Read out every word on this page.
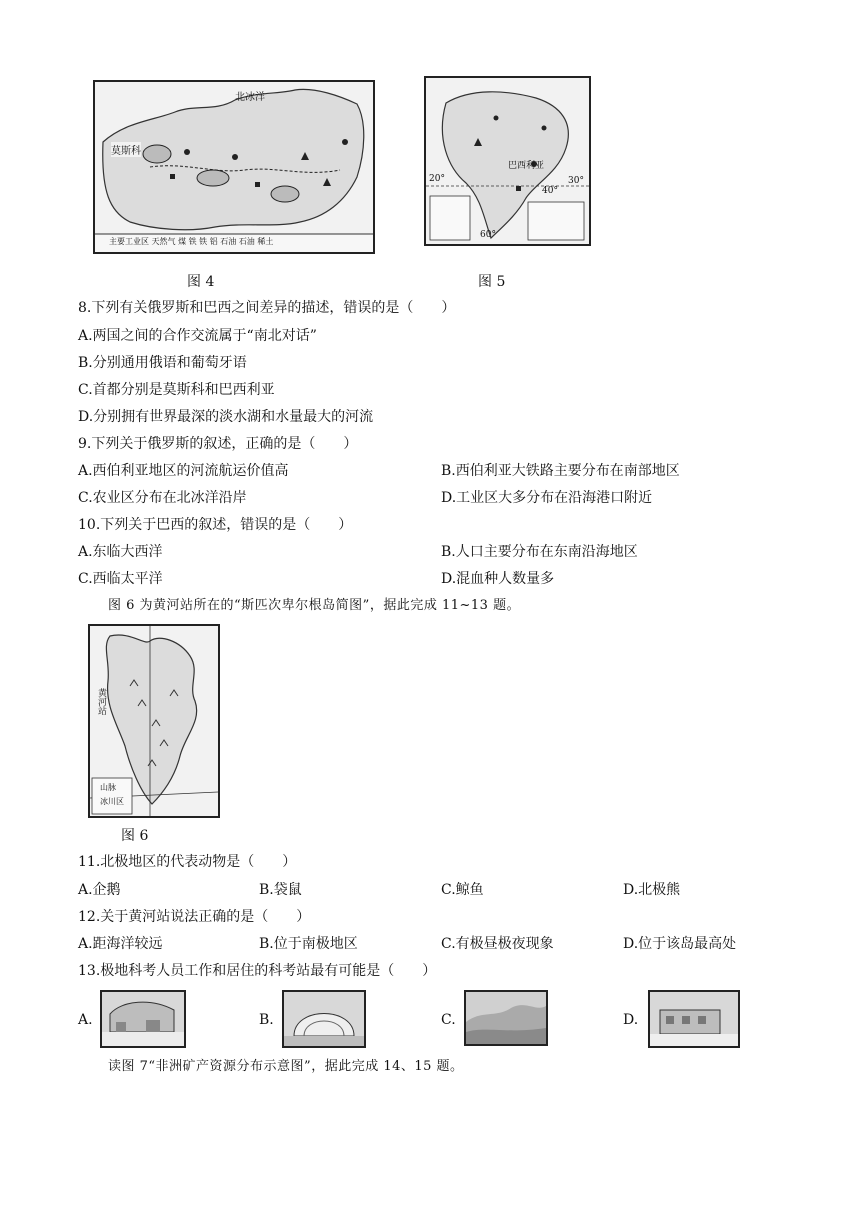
北冰洋
莫斯科
主要工业区 天然气 煤 铁 铁 铝 石油 石油 稀土
巴西利亚
20°	30°
40°
60°
图 4	图 5
8.下列有关俄罗斯和巴西之间差异的描述，错误的是（　　）
A.两国之间的合作交流属于“南北对话”
B.分别通用俄语和葡萄牙语
C.首都分别是莫斯科和巴西利亚
D.分别拥有世界最深的淡水湖和水量最大的河流
9.下列关于俄罗斯的叙述，正确的是（　　）
A.西伯利亚地区的河流航运价值高	B.西伯利亚大铁路主要分布在南部地区
C.农业区分布在北冰洋沿岸	D.工业区大多分布在沿海港口附近
10.下列关于巴西的叙述，错误的是（　　）
A.东临大西洋	B.人口主要分布在东南沿海地区
C.西临太平洋	D.混血种人数量多
图 6 为黄河站所在的“斯匹次卑尔根岛简图”，据此完成 11~13 题。
黄河站
山脉
冰川区
图 6
11.北极地区的代表动物是（　　）
A.企鹅	B.袋鼠	C.鲸鱼	D.北极熊
12.关于黄河站说法正确的是（　　）
A.距海洋较远	B.位于南极地区	C.有极昼极夜现象	D.位于该岛最高处
13.极地科考人员工作和居住的科考站最有可能是（　　）
A.	B.	C.	D.
读图 7“非洲矿产资源分布示意图”，据此完成 14、15 题。
